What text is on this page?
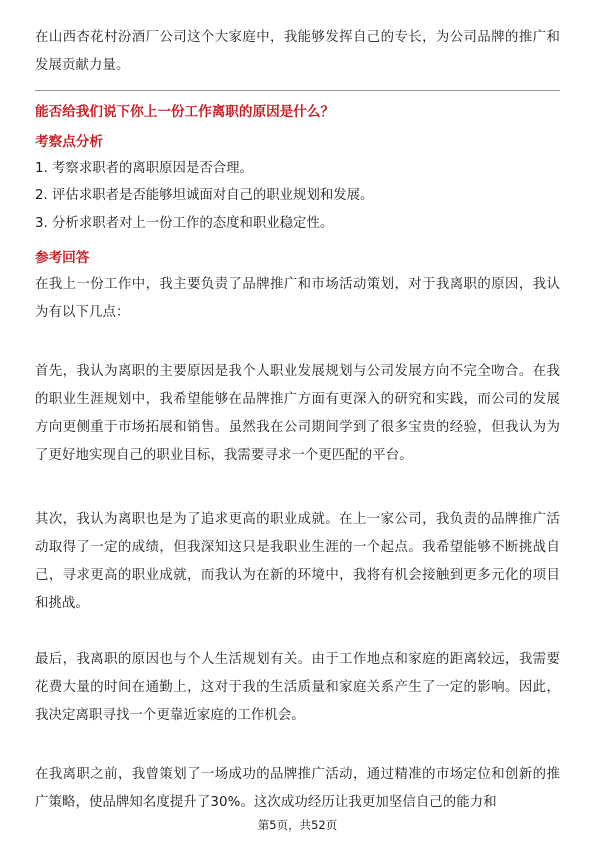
在山西杏花村汾酒厂公司这个大家庭中，我能够发挥自己的专长，为公司品牌的推广和发展贡献力量。

能否给我们说下你上一份工作离职的原因是什么？

考察点分析

1. 考察求职者的离职原因是否合理。

2. 评估求职者是否能够坦诚面对自己的职业规划和发展。

3. 分析求职者对上一份工作的态度和职业稳定性。

参考回答

在我上一份工作中，我主要负责了品牌推广和市场活动策划，对于我离职的原因，我认为有以下几点：

首先，我认为离职的主要原因是我个人职业发展规划与公司发展方向不完全吻合。在我的职业生涯规划中，我希望能够在品牌推广方面有更深入的研究和实践，而公司的发展方向更侧重于市场拓展和销售。虽然我在公司期间学到了很多宝贵的经验，但我认为为了更好地实现自己的职业目标，我需要寻求一个更匹配的平台。

其次，我认为离职也是为了追求更高的职业成就。在上一家公司，我负责的品牌推广活动取得了一定的成绩，但我深知这只是我职业生涯的一个起点。我希望能够不断挑战自己，寻求更高的职业成就，而我认为在新的环境中，我将有机会接触到更多元化的项目和挑战。

最后，我离职的原因也与个人生活规划有关。由于工作地点和家庭的距离较远，我需要花费大量的时间在通勤上，这对于我的生活质量和家庭关系产生了一定的影响。因此，我决定离职寻找一个更靠近家庭的工作机会。

在我离职之前，我曾策划了一场成功的品牌推广活动，通过精准的市场定位和创新的推广策略，使品牌知名度提升了30%。这次成功经历让我更加坚信自己的能力和

第5页，共52页
